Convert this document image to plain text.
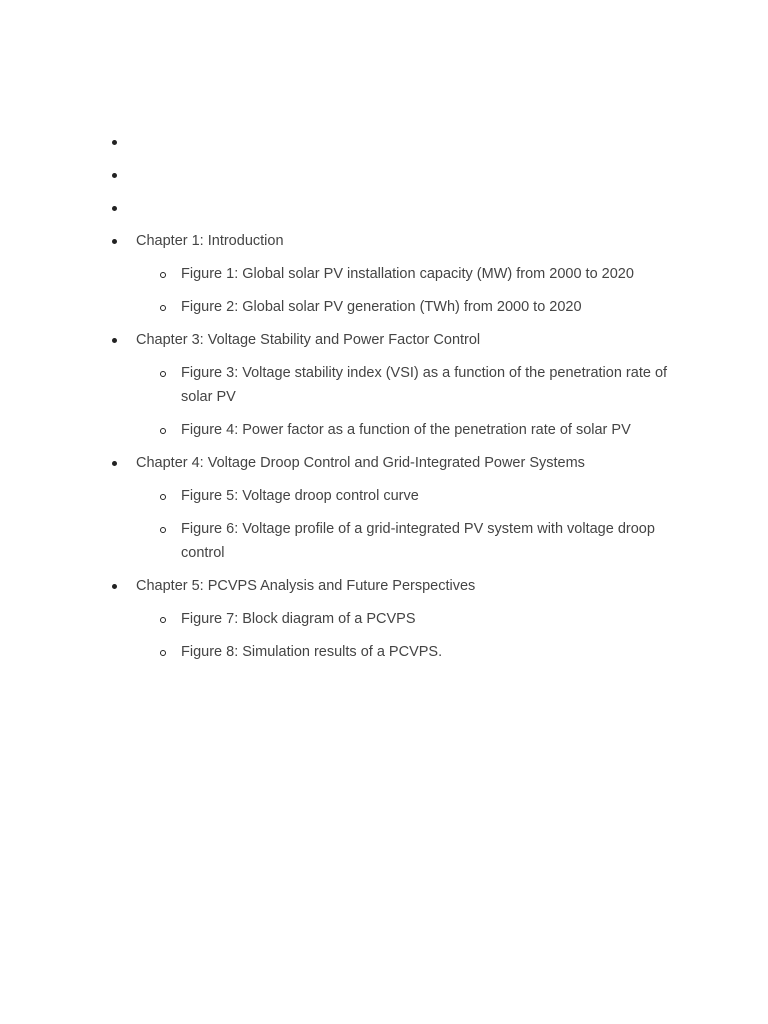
Chapter 1: Introduction
Figure 1: Global solar PV installation capacity (MW) from 2000 to 2020
Figure 2: Global solar PV generation (TWh) from 2000 to 2020
Chapter 3: Voltage Stability and Power Factor Control
Figure 3: Voltage stability index (VSI) as a function of the penetration rate of solar PV
Figure 4: Power factor as a function of the penetration rate of solar PV
Chapter 4: Voltage Droop Control and Grid-Integrated Power Systems
Figure 5: Voltage droop control curve
Figure 6: Voltage profile of a grid-integrated PV system with voltage droop control
Chapter 5: PCVPS Analysis and Future Perspectives
Figure 7: Block diagram of a PCVPS
Figure 8: Simulation results of a PCVPS.
